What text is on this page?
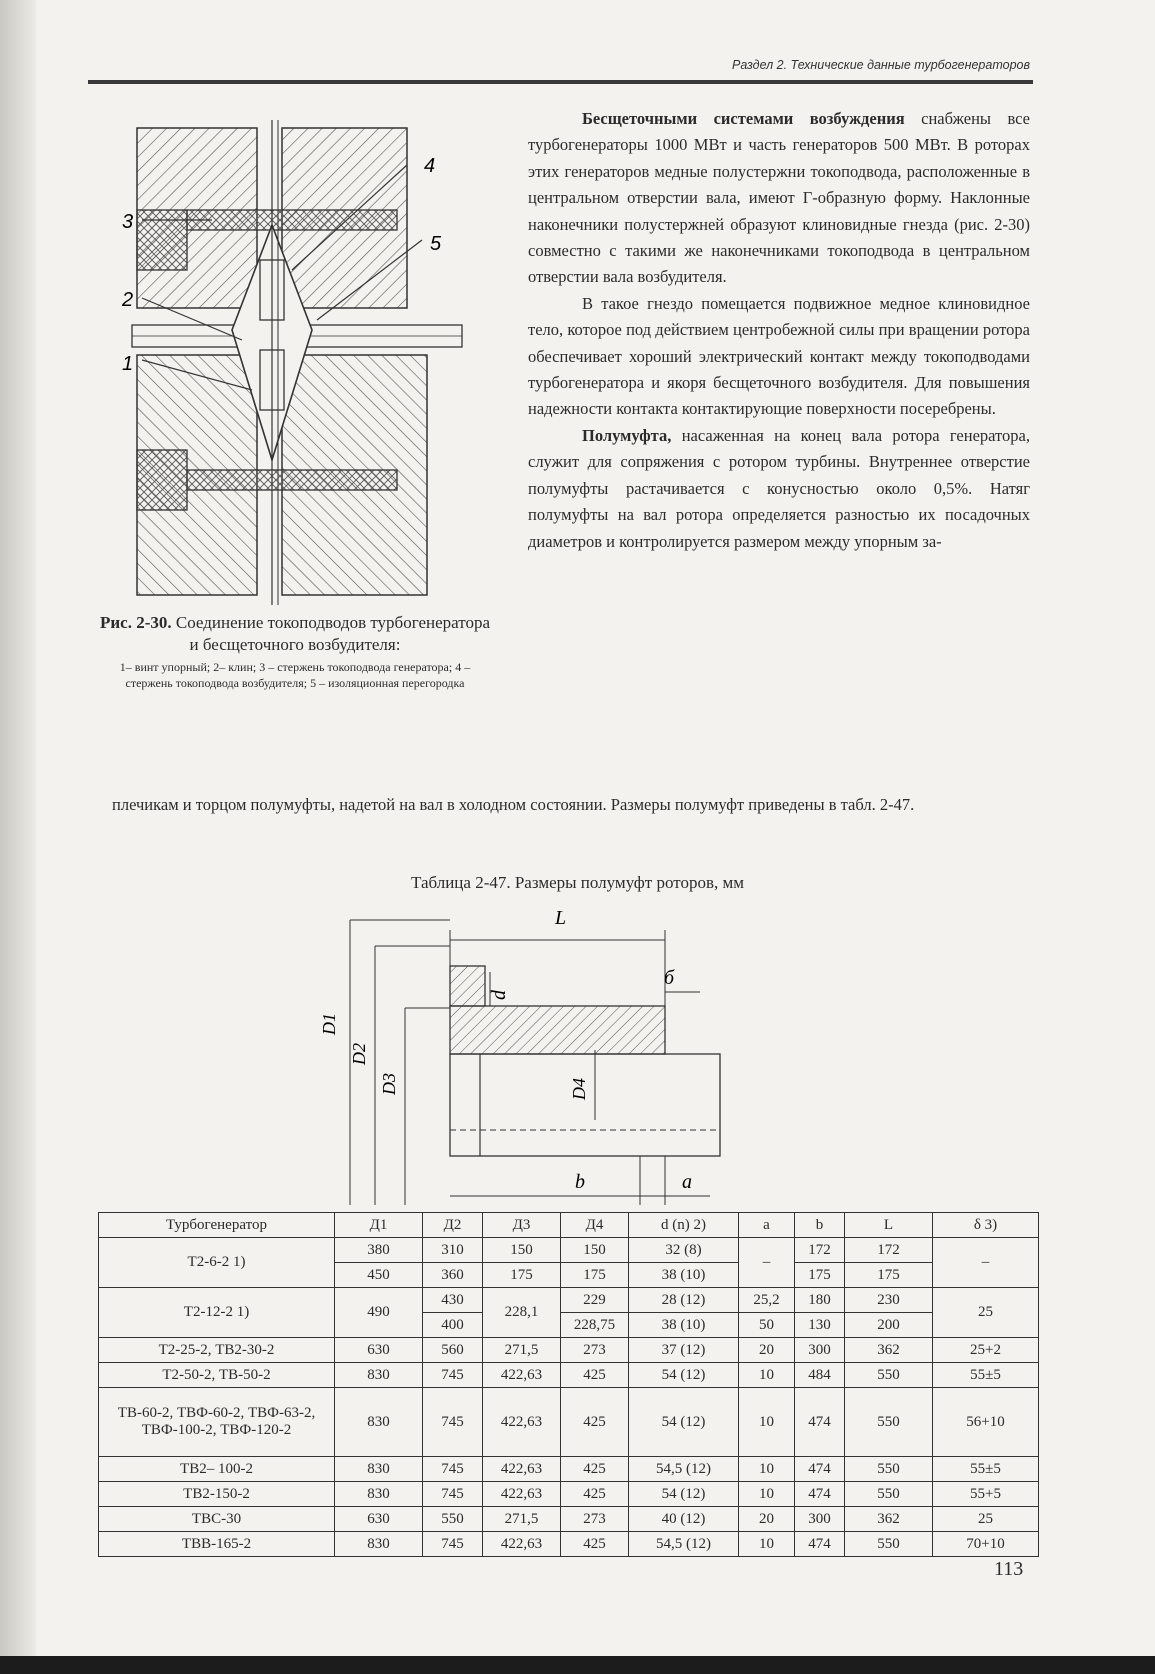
Раздел 2. Технические данные турбогенераторов
4
5
3
2
1
Рис. 2-30. Соединение токоподводов турбогенератора и бесщеточного возбудителя:
1– винт упорный; 2– клин; 3 – стержень токоподвода генератора; 4 – стержень токоподвода возбудителя; 5 – изоляционная перегородка

Бесщеточными системами возбуждения снабжены все турбогенераторы 1000 МВт и часть генераторов 500 МВт. В роторах этих генераторов медные полустержни токоподвода, расположенные в центральном отверстии вала, имеют Г-образную форму. Наклонные наконечники полустержней образуют клиновидные гнезда (рис. 2-30) совместно с такими же наконечниками токоподвода в центральном отверстии вала возбудителя.

В такое гнездо помещается подвижное медное клиновидное тело, которое под действием центробежной силы при вращении ротора обеспечивает хороший электрический контакт между токоподводами турбогенератора и якоря бесщеточного возбудителя. Для повышения надежности контакта контактирующие поверхности посеребрены.

Полумуфта, насаженная на конец вала ротора генератора, служит для сопряжения с ротором турбины. Внутреннее отверстие полумуфты растачивается с конусностью около 0,5%. Натяг полумуфты на вал ротора определяется разностью их посадочных диаметров и контролируется размером между упорным за-

плечикам и торцом полумуфты, надетой на вал в холодном состоянии. Размеры полумуфт приведены в табл. 2-47.
Таблица 2-47. Размеры полумуфт роторов, мм
L
б
d
D1
D2
D3	D4
b	a
Турбогенератор	Д1	Д2	Д3	Д4	d (n) 2)	a	b	L	δ 3)
Т2-6-2 1)	380	310	150	150	32 (8)	–	172	172	–
	450	360	175	175	38 (10)		175	175	
Т2-12-2 1)	490	430	228,1	229	28 (12)	25,2	180	230	25
		400		228,75	38 (10)	50	130	200	
Т2-25-2, ТВ2-30-2	630	560	271,5	273	37 (12)	20	300	362	25+2
Т2-50-2, ТВ-50-2	830	745	422,63	425	54 (12)	10	484	550	55±5
ТВ-60-2, ТВФ-60-2, ТВФ-63-2, ТВФ-100-2, ТВФ-120-2	830	745	422,63	425	54 (12)	10	474	550	56+10
ТВ2– 100-2	830	745	422,63	425	54,5 (12)	10	474	550	55±5
ТВ2-150-2	830	745	422,63	425	54 (12)	10	474	550	55+5
ТВС-30	630	550	271,5	273	40 (12)	20	300	362	25
ТВВ-165-2	830	745	422,63	425	54,5 (12)	10	474	550	70+10
113
